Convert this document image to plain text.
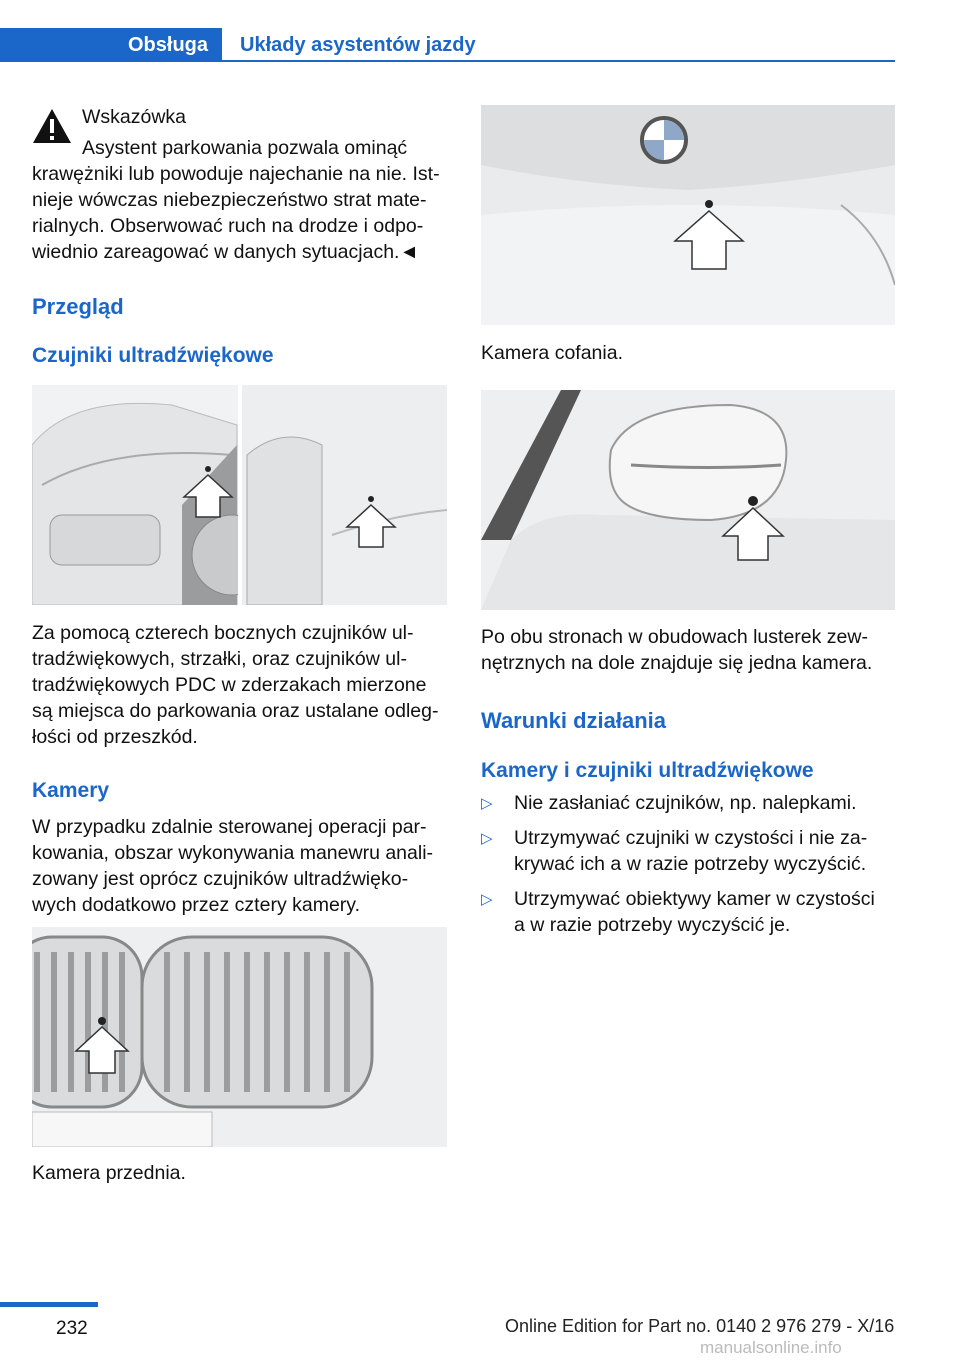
Obsługa	Układy asystentów jazdy
Wskazówka
Asystent parkowania pozwala ominąć
krawężniki lub powoduje najechanie na nie. Ist‐
nieje wówczas niebezpieczeństwo strat mate‐
rialnych. Obserwować ruch na drodze i odpo‐
wiednio zareagować w danych sytuacjach.◄
Przegląd
Czujniki ultradźwiękowe
Za pomocą czterech bocznych czujników ul‐
tradźwiękowych, strzałki, oraz czujników ul‐
tradźwiękowych PDC w zderzakach mierzone
są miejsca do parkowania oraz ustalane odleg‐
łości od przeszkód.
Kamery
W przypadku zdalnie sterowanej operacji par‐
kowania, obszar wykonywania manewru anali‐
zowany jest oprócz czujników ultradźwięko‐
wych dodatkowo przez cztery kamery.
Kamera przednia.
Kamera cofania.
Po obu stronach w obudowach lusterek zew‐
nętrznych na dole znajduje się jedna kamera.
Warunki działania
Kamery i czujniki ultradźwiękowe
▷ Nie zasłaniać czujników, np. nalepkami.
▷ Utrzymywać czujniki w czystości i nie za‐
krywać ich a w razie potrzeby wyczyścić.
▷ Utrzymywać obiektywy kamer w czystości
a w razie potrzeby wyczyścić je.
232	Online Edition for Part no. 0140 2 976 279 - X/16
manualsonline.info
